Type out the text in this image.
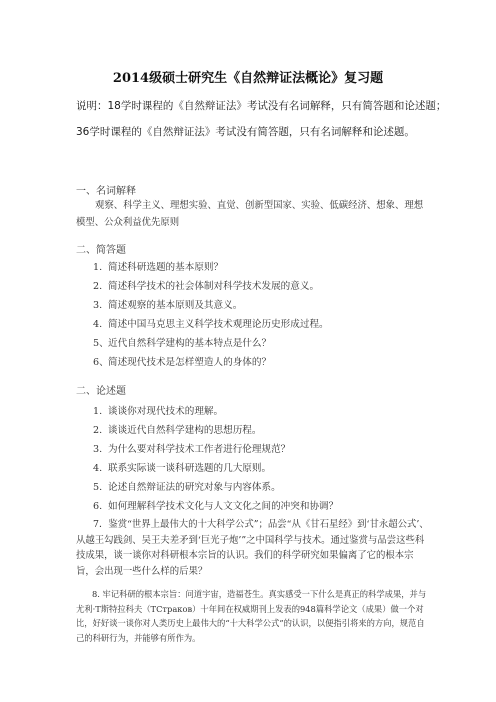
2014级硕士研究生《自然辩证法概论》复习题
说明：18学时课程的《自然辩证法》考试没有名词解释，只有简答题和论述题；
36学时课程的《自然辩证法》考试没有简答题，只有名词解释和论述题。
一、名词解释
观察、科学主义、理想实验、直觉、创新型国家、实验、低碳经济、想象、理想模型、公众利益优先原则
二、简答题
1. 简述科研选题的基本原则？
2. 简述科学技术的社会体制对科学技术发展的意义。
3. 简述观察的基本原则及其意义。
4. 简述中国马克思主义科学技术观理论历史形成过程。
5、近代自然科学建构的基本特点是什么？
6、简述现代技术是怎样塑造人的身体的？
二、论述题
1. 谈谈你对现代技术的理解。
2. 谈谈近代自然科学建构的思想历程。
3. 为什么要对科学技术工作者进行伦理规范？
4. 联系实际谈一谈科研选题的几大原则。
5. 论述自然辩证法的研究对象与内容体系。
6. 如何理解科学技术文化与人文文化之间的冲突和协调？
7．鉴赏“世界上最伟大的十大科学公式”；品尝“从《甘石星经》到‘甘永超公式’、从越王勾践剑、吴王夫差矛到‘巨光子炮’”之中国科学与技术。通过鉴赏与品尝这些科技成果，谈一谈你对科研根本宗旨的认识。我们的科学研究如果偏离了它的根本宗旨，会出现一些什么样的后果？
8. 牢记科研的根本宗旨：问道宇宙，造福苍生。真实感受一下什么是真正的科学成果，并与尤利·T斯特拉科夫（ТСтраков）十年间在权威期刊上发表的948篇科学论文（成果）做一个对比，好好谈一谈你对人类历史上最伟大的“十大科学公式”的认识，以便指引将来的方向，规范自己的科研行为，并能够有所作为。
